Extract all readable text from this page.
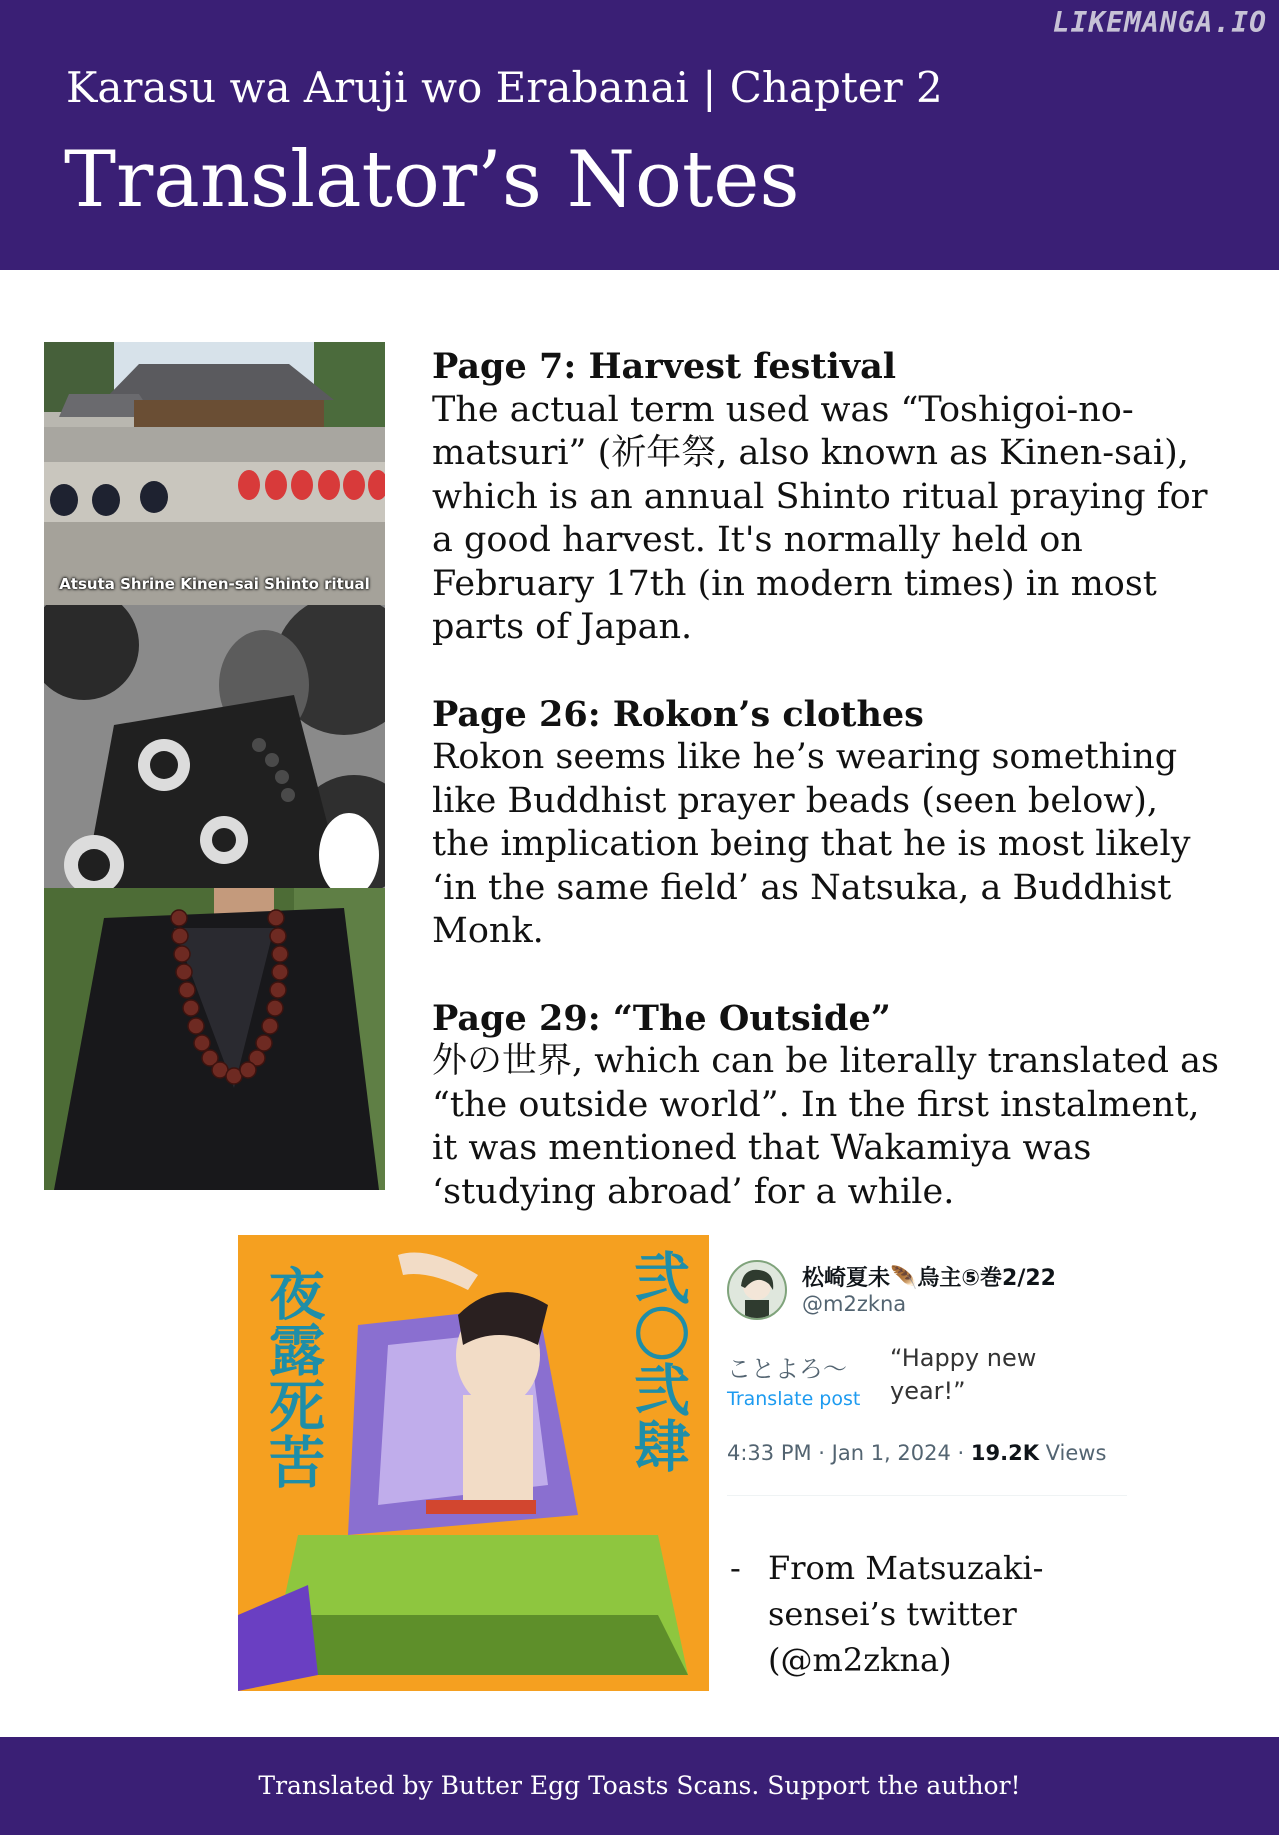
LIKEMANGA.IO
Karasu wa Aruji wo Erabanai | Chapter 2
Translator’s Notes
Atsuta Shrine Kinen-sai Shinto ritual
Page 7: Harvest festival
The actual term used was “Toshigoi-no-matsuri” (祈年祭, also known as Kinen-sai), which is an annual Shinto ritual praying for a good harvest. It's normally held on February 17th (in modern times) in most parts of Japan.
Page 26: Rokon’s clothes
Rokon seems like he’s wearing something like Buddhist prayer beads (seen below), the implication being that he is most likely ‘in the same field’ as Natsuka, a Buddhist Monk.
Page 29: “The Outside”
外の世界, which can be literally translated as “the outside world”. In the first instalment, it was mentioned that Wakamiya was ‘studying abroad’ for a while.
夜露死苦	弐〇弐肆	松崎夏未🪶烏主⑤巻2/22
@m2zkna
ことよろ〜
Translate post
“Happy new year!”
4:33 PM · Jan 1, 2024 · 19.2K Views
- From Matsuzaki-sensei’s twitter (@m2zkna)
Translated by Butter Egg Toasts Scans. Support the author!
